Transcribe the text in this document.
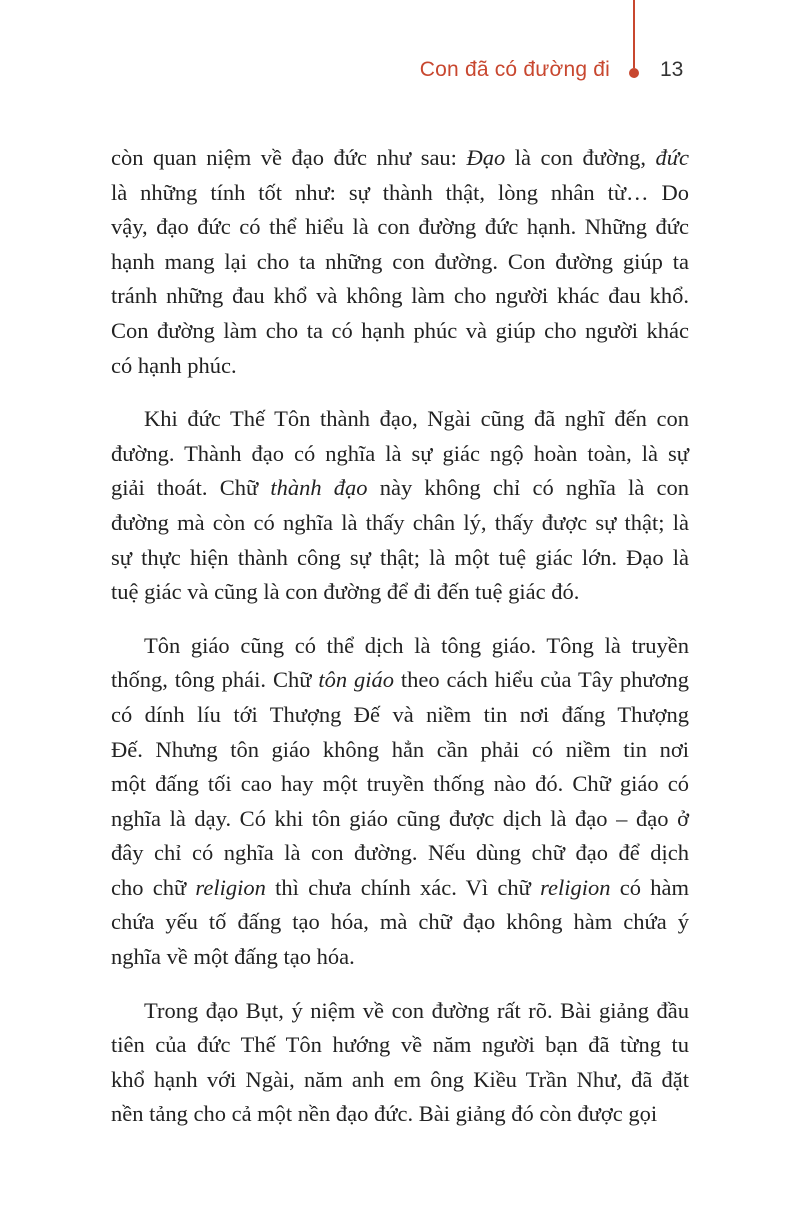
Con đã có đường đi 13
còn quan niệm về đạo đức như sau: Đạo là con đường, đức
là những tính tốt như: sự thành thật, lòng nhân từ… Do
vậy, đạo đức có thể hiểu là con đường đức hạnh. Những đức
hạnh mang lại cho ta những con đường. Con đường giúp ta
tránh những đau khổ và không làm cho người khác đau khổ.
Con đường làm cho ta có hạnh phúc và giúp cho người khác
có hạnh phúc.
Khi đức Thế Tôn thành đạo, Ngài cũng đã nghĩ đến con
đường. Thành đạo có nghĩa là sự giác ngộ hoàn toàn, là sự
giải thoát. Chữ thành đạo này không chỉ có nghĩa là con
đường mà còn có nghĩa là thấy chân lý, thấy được sự thật; là
sự thực hiện thành công sự thật; là một tuệ giác lớn. Đạo là
tuệ giác và cũng là con đường để đi đến tuệ giác đó.
Tôn giáo cũng có thể dịch là tông giáo. Tông là truyền
thống, tông phái. Chữ tôn giáo theo cách hiểu của Tây phương
có dính líu tới Thượng Đế và niềm tin nơi đấng Thượng
Đế. Nhưng tôn giáo không hẳn cần phải có niềm tin nơi
một đấng tối cao hay một truyền thống nào đó. Chữ giáo có
nghĩa là dạy. Có khi tôn giáo cũng được dịch là đạo – đạo ở
đây chỉ có nghĩa là con đường. Nếu dùng chữ đạo để dịch
cho chữ religion thì chưa chính xác. Vì chữ religion có hàm
chứa yếu tố đấng tạo hóa, mà chữ đạo không hàm chứa ý
nghĩa về một đấng tạo hóa.
Trong đạo Bụt, ý niệm về con đường rất rõ. Bài giảng đầu
tiên của đức Thế Tôn hướng về năm người bạn đã từng tu
khổ hạnh với Ngài, năm anh em ông Kiều Trần Như, đã đặt
nền tảng cho cả một nền đạo đức. Bài giảng đó còn được gọi
